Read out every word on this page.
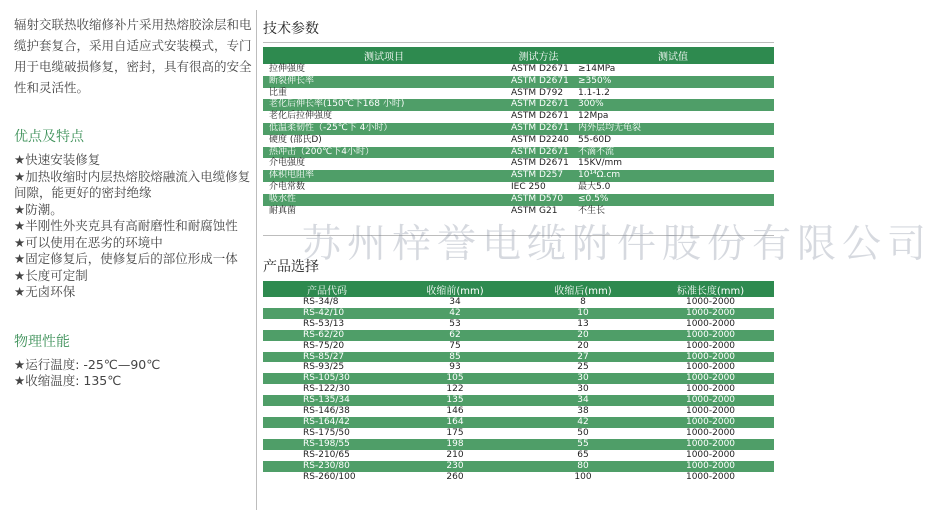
辐射交联热收缩修补片采用热熔胶涂层和电缆护套复合，采用自适应式安装模式，专门用于电缆破损修复，密封，具有很高的安全性和灵活性。

优点及特点

★快速安装修复

★加热收缩时内层热熔胶熔融流入电缆修复间隙，能更好的密封绝缘

★防潮。

★半刚性外夹克具有高耐磨性和耐腐蚀性

★可以使用在恶劣的环境中

★固定修复后，使修复后的部位形成一体

★长度可定制

★无卤环保

物理性能

★运行温度: -25℃—90℃

★收缩温度: 135℃

技术参数
测试项目	测试方法	测试值
拉伸强度	ASTM D2671	≥14MPa
断裂伸长率	ASTM D2671	≥350%
比重	ASTM D792	1.1-1.2
老化后伸长率(150℃下168 小时)	ASTM D2671	300%
老化后拉伸强度	ASTM D2671	12Mpa
低温柔韧性（-25℃下 4小时）	ASTM D2671	内外层均无龟裂
硬度 (邵氏D)	ASTM D2240	55-60D
热冲击（200℃下4小时）	ASTM D2671	不滴不流
介电强度	ASTM D2671	15KV/mm
体积电阻率	ASTM D257	10¹⁴Ω.cm
介电常数	IEC 250	最大5.0
吸水性	ASTM D570	≤0.5%
耐真菌	ASTM G21	不生长
产品选择
产品代码	收缩前(mm)	收缩后(mm)	标准长度(mm)
RS-34/8	34	8	1000-2000
RS-42/10	42	10	1000-2000
RS-53/13	53	13	1000-2000
RS-62/20	62	20	1000-2000
RS-75/20	75	20	1000-2000
RS-85/27	85	27	1000-2000
RS-93/25	93	25	1000-2000
RS-105/30	105	30	1000-2000
RS-122/30	122	30	1000-2000
RS-135/34	135	34	1000-2000
RS-146/38	146	38	1000-2000
RS-164/42	164	42	1000-2000
RS-175/50	175	50	1000-2000
RS-198/55	198	55	1000-2000
RS-210/65	210	65	1000-2000
RS-230/80	230	80	1000-2000
RS-260/100	260	100	1000-2000
苏州梓誉电缆附件股份有限公司
